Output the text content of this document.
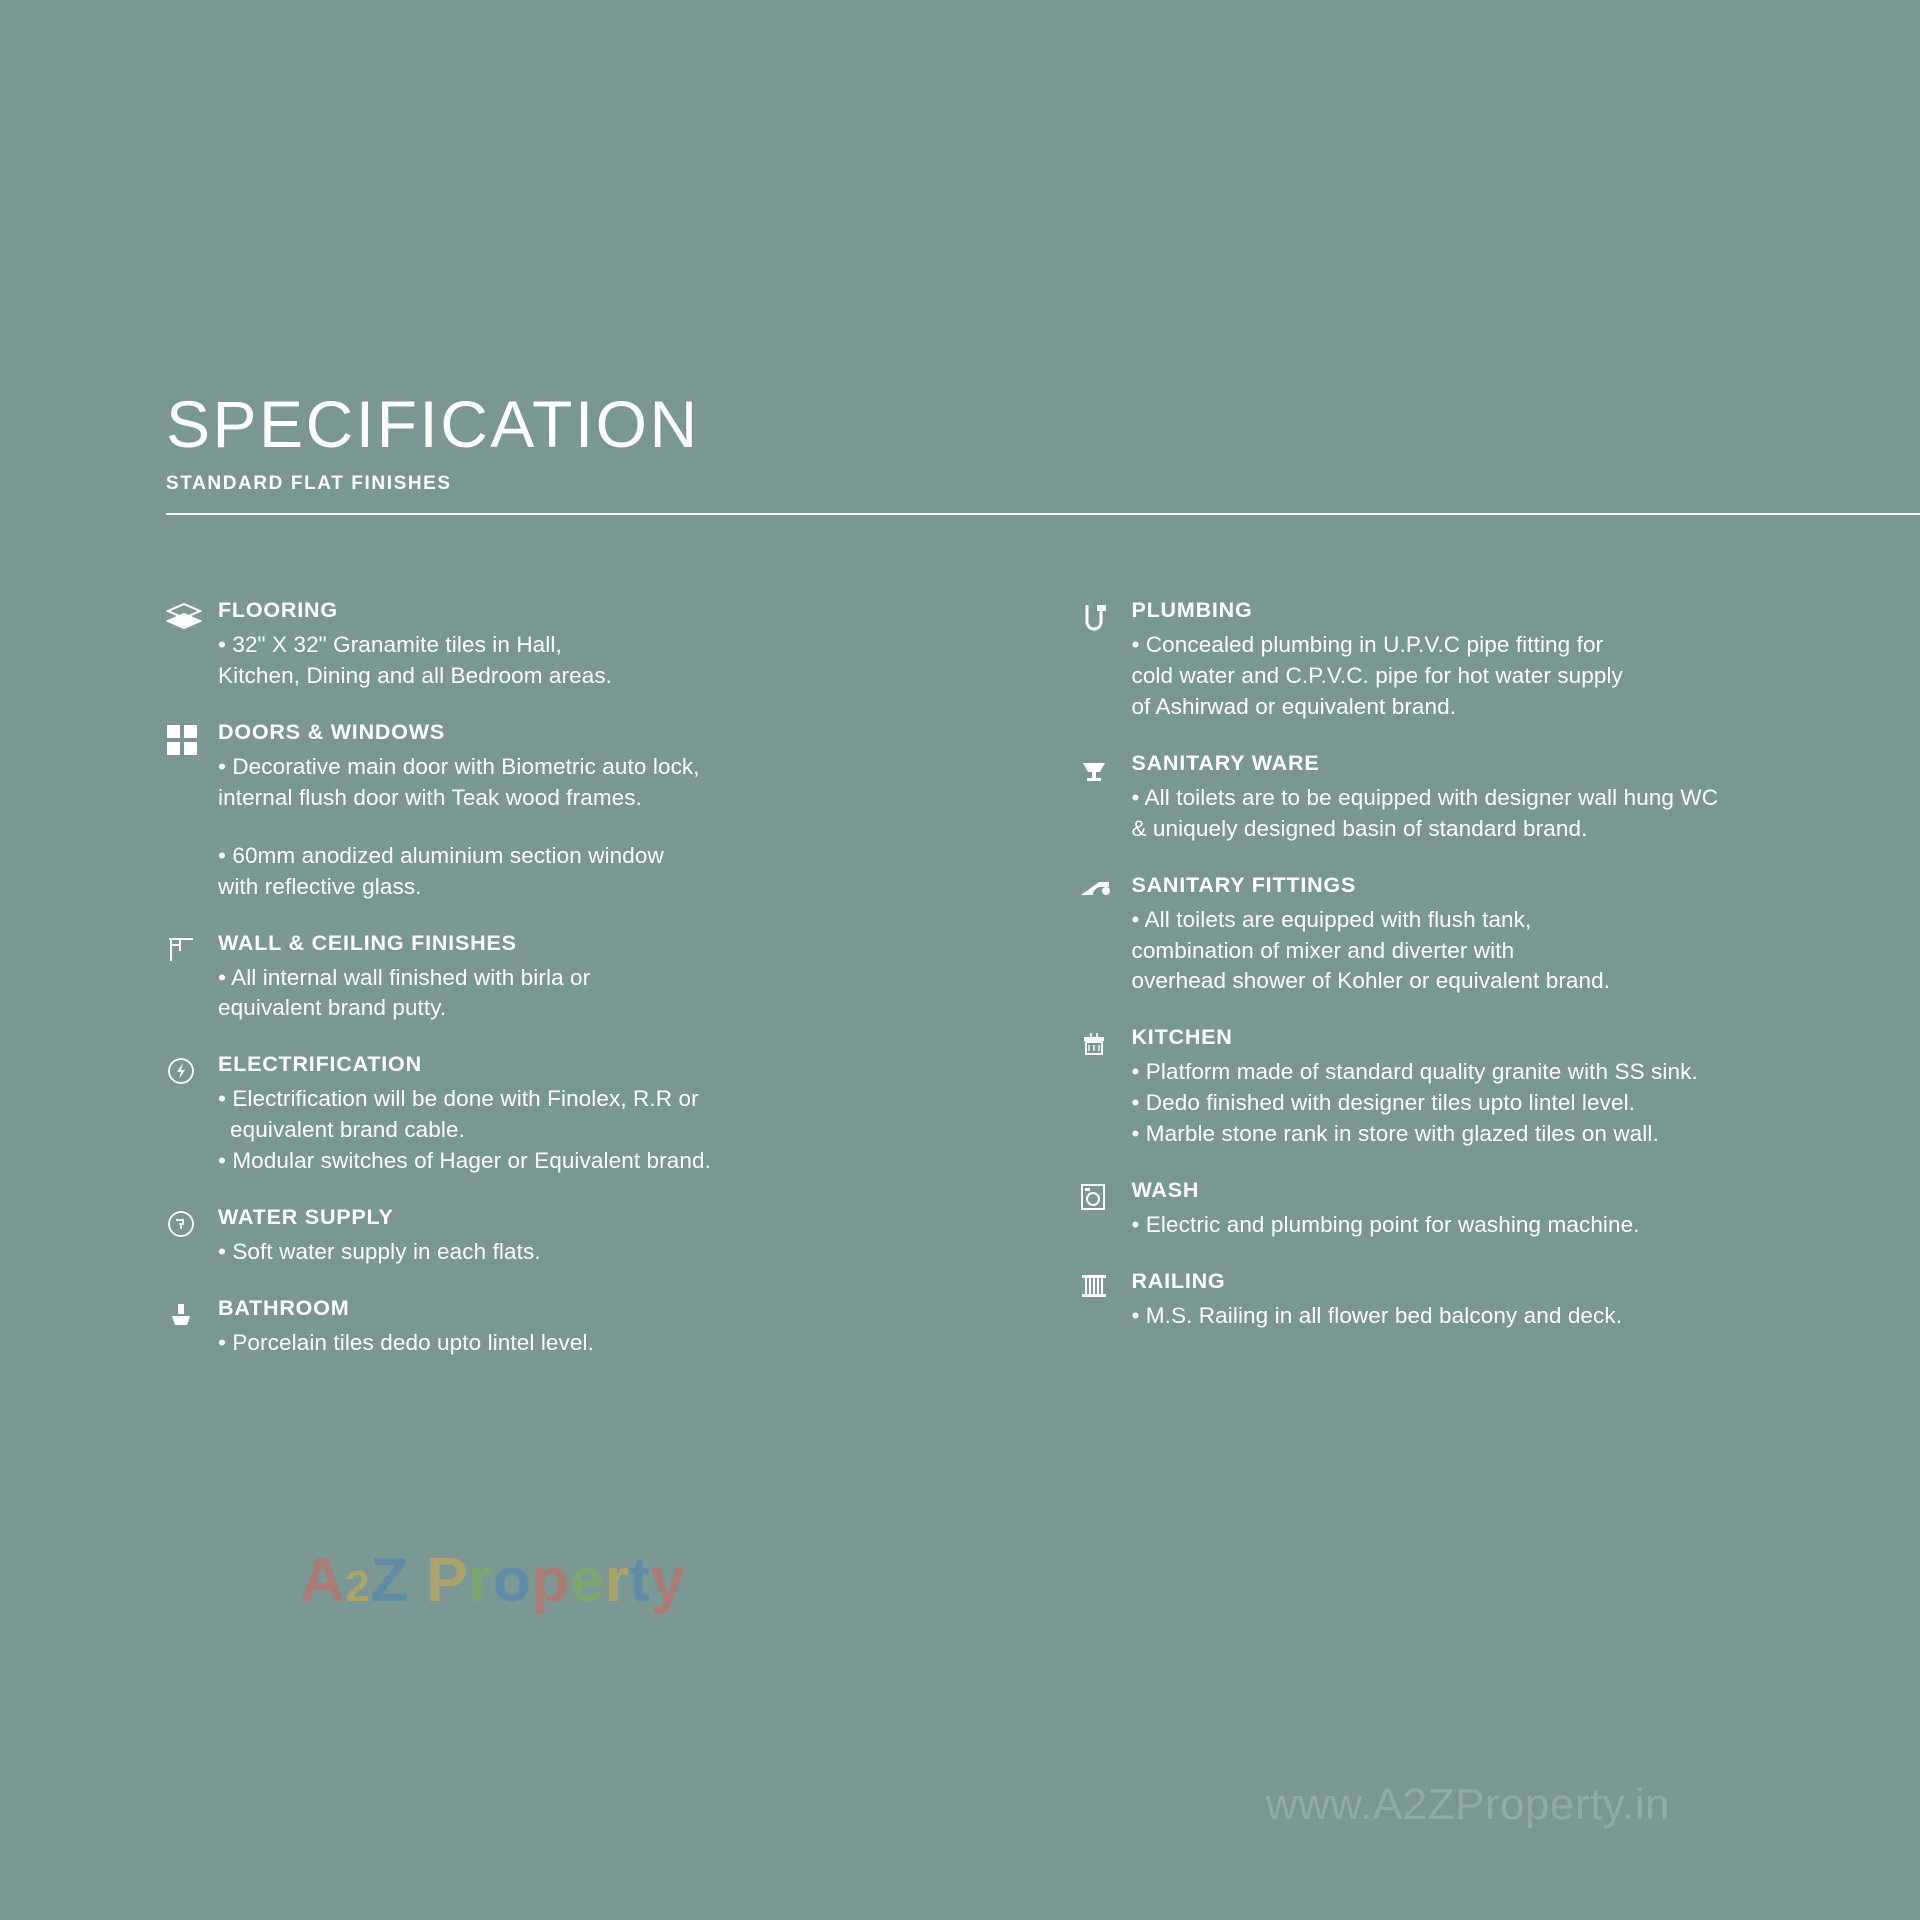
SPECIFICATION
STANDARD FLAT FINISHES
FLOORING

• 32" X 32" Granamite tiles in Hall,

Kitchen, Dining and all Bedroom areas.

DOORS & WINDOWS

• Decorative main door with Biometric auto lock,

internal flush door with Teak wood frames.

• 60mm anodized aluminium section window

with reflective glass.

WALL & CEILING FINISHES

• All internal wall finished with birla or

equivalent brand putty.

ELECTRIFICATION

• Electrification will be done with Finolex, R.R or

equivalent brand cable.

• Modular switches of Hager or Equivalent brand.

WATER SUPPLY

• Soft water supply in each flats.

BATHROOM

• Porcelain tiles dedo upto lintel level.

PLUMBING

• Concealed plumbing in U.P.V.C pipe fitting for

cold water and C.P.V.C. pipe for hot water supply

of Ashirwad or equivalent brand.

SANITARY WARE

• All toilets are to be equipped with designer wall hung WC

& uniquely designed basin of standard brand.

SANITARY FITTINGS

• All toilets are equipped with flush tank,

combination of mixer and diverter with

overhead shower of Kohler or equivalent brand.

KITCHEN

• Platform made of standard quality granite with SS sink.

• Dedo finished with designer tiles upto lintel level.

• Marble stone rank in store with glazed tiles on wall.

WASH

• Electric and plumbing point for washing machine.

RAILING

• M.S. Railing in all flower bed balcony and deck.

A2Z Property
www.A2ZProperty.in
